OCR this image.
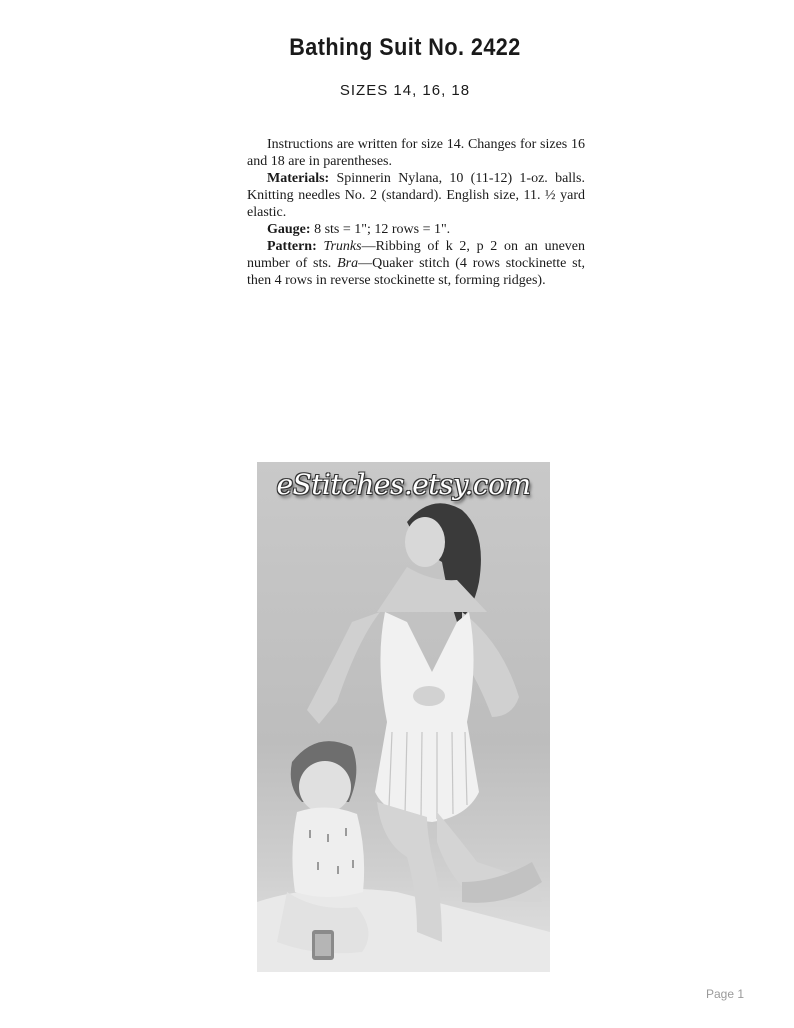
Bathing Suit No. 2422
SIZES 14, 16, 18

Instructions are written for size 14. Changes for sizes 16 and 18 are in parentheses.

Materials: Spinnerin Nylana, 10 (11-12) 1-oz. balls. Knitting needles No. 2 (standard). English size, 11. ½ yard elastic.

Gauge: 8 sts = 1"; 12 rows = 1".

Pattern: Trunks—Ribbing of k 2, p 2 on an uneven number of sts. Bra—Quaker stitch (4 rows stockinette st, then 4 rows in reverse stockinette st, forming ridges).

eStitches.etsy.com
Page 1
